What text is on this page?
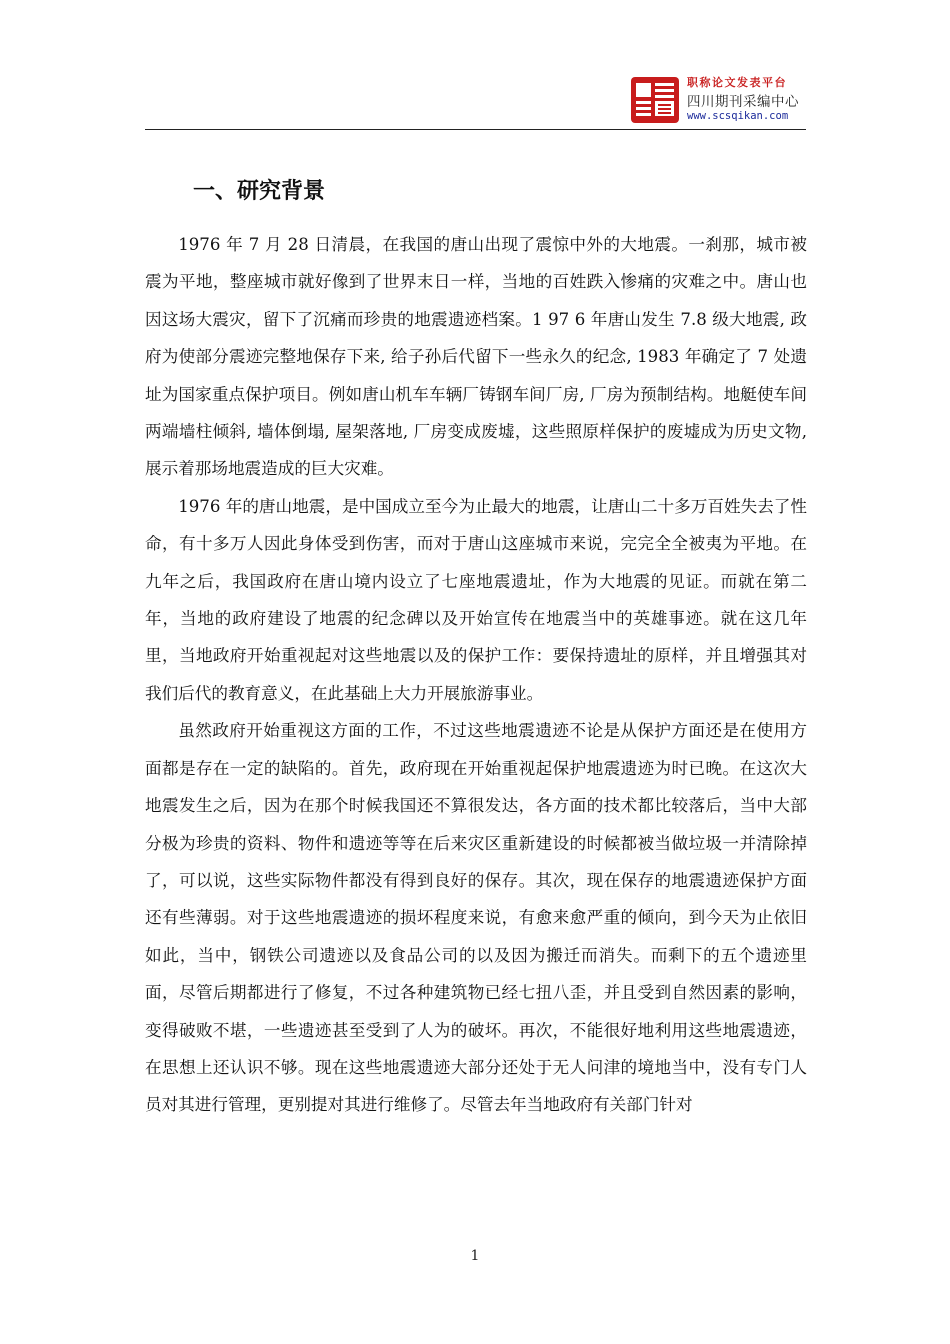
职称论文发表平台
四川期刊采编中心
www.scsqikan.com
一、研究背景

1976 年 7 月 28 日清晨，在我国的唐山出现了震惊中外的大地震。一刹那，城市被震为平地，整座城市就好像到了世界末日一样，当地的百姓跌入惨痛的灾难之中。唐山也因这场大震灾，留下了沉痛而珍贵的地震遗迹档案。1 97 6 年唐山发生 7.8 级大地震, 政府为使部分震迹完整地保存下来, 给子孙后代留下一些永久的纪念, 1983 年确定了 7 处遗址为国家重点保护项目。例如唐山机车车辆厂铸钢车间厂房, 厂房为预制结构。地艇使车间两端墙柱倾斜, 墙体倒塌, 屋架落地, 厂房变成废墟，这些照原样保护的废墟成为历史文物, 展示着那场地震造成的巨大灾难。

1976 年的唐山地震，是中国成立至今为止最大的地震，让唐山二十多万百姓失去了性命，有十多万人因此身体受到伤害，而对于唐山这座城市来说，完完全全被夷为平地。在九年之后，我国政府在唐山境内设立了七座地震遗址，作为大地震的见证。而就在第二年，当地的政府建设了地震的纪念碑以及开始宣传在地震当中的英雄事迹。就在这几年里，当地政府开始重视起对这些地震以及的保护工作：要保持遗址的原样，并且增强其对我们后代的教育意义，在此基础上大力开展旅游事业。

虽然政府开始重视这方面的工作，不过这些地震遗迹不论是从保护方面还是在使用方面都是存在一定的缺陷的。首先，政府现在开始重视起保护地震遗迹为时已晚。在这次大地震发生之后，因为在那个时候我国还不算很发达，各方面的技术都比较落后，当中大部分极为珍贵的资料、物件和遗迹等等在后来灾区重新建设的时候都被当做垃圾一并清除掉了，可以说，这些实际物件都没有得到良好的保存。其次，现在保存的地震遗迹保护方面还有些薄弱。对于这些地震遗迹的损坏程度来说，有愈来愈严重的倾向，到今天为止依旧如此，当中，钢铁公司遗迹以及食品公司的以及因为搬迁而消失。而剩下的五个遗迹里面，尽管后期都进行了修复，不过各种建筑物已经七扭八歪，并且受到自然因素的影响，变得破败不堪，一些遗迹甚至受到了人为的破坏。再次，不能很好地利用这些地震遗迹，在思想上还认识不够。现在这些地震遗迹大部分还处于无人问津的境地当中，没有专门人员对其进行管理，更别提对其进行维修了。尽管去年当地政府有关部门针对

1
